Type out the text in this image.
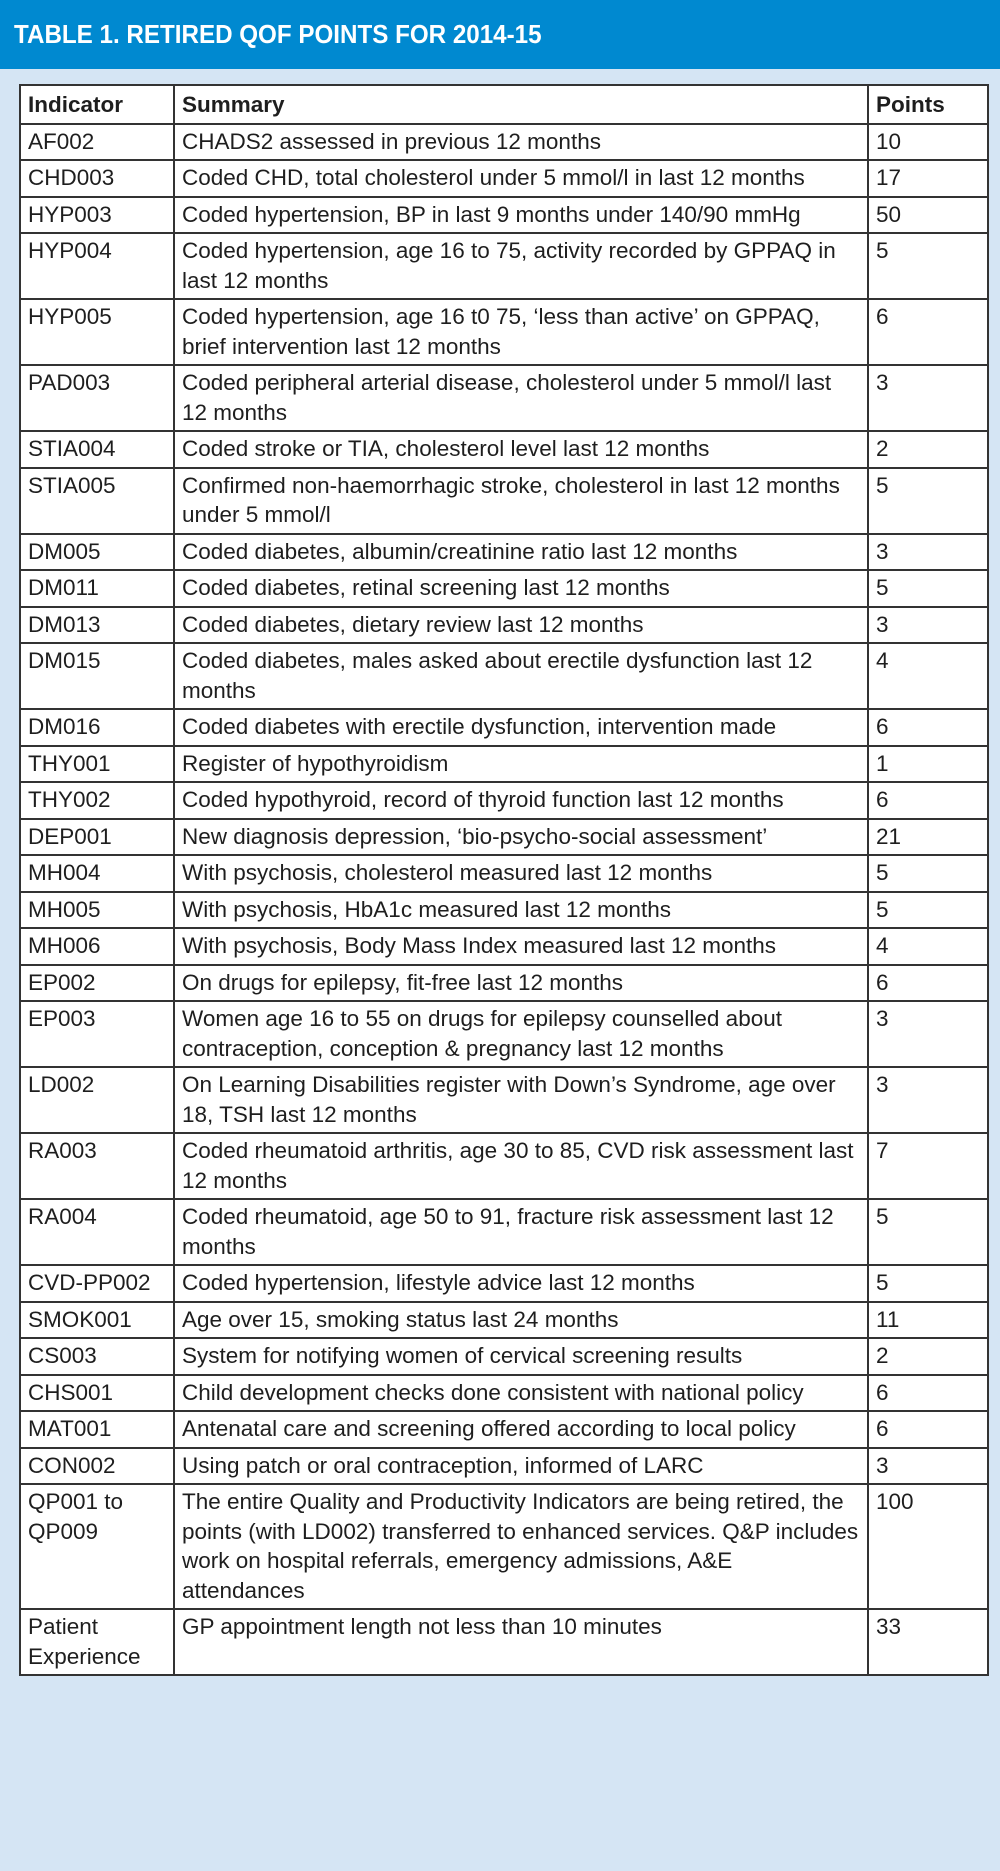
TABLE 1. RETIRED QOF POINTS FOR 2014-15
Indicator	Summary	Points
AF002	CHADS2 assessed in previous 12 months	10
CHD003	Coded CHD, total cholesterol under 5 mmol/l in last 12 months	17
HYP003	Coded hypertension, BP in last 9 months under 140/90 mmHg	50
HYP004	Coded hypertension, age 16 to 75, activity recorded by GPPAQ in last 12 months	5
HYP005	Coded hypertension, age 16 t0 75, ‘less than active’ on GPPAQ, brief intervention last 12 months	6
PAD003	Coded peripheral arterial disease, cholesterol under 5 mmol/l last 12 months	3
STIA004	Coded stroke or TIA, cholesterol level last 12 months	2
STIA005	Confirmed non-haemorrhagic stroke, cholesterol in last 12 months under 5 mmol/l	5
DM005	Coded diabetes, albumin/creatinine ratio last 12 months	3
DM011	Coded diabetes, retinal screening last 12 months	5
DM013	Coded diabetes, dietary review last 12 months	3
DM015	Coded diabetes, males asked about erectile dysfunction last 12 months	4
DM016	Coded diabetes with erectile dysfunction, intervention made	6
THY001	Register of hypothyroidism	1
THY002	Coded hypothyroid, record of thyroid function last 12 months	6
DEP001	New diagnosis depression, ‘bio-psycho-social assessment’	21
MH004	With psychosis, cholesterol measured last 12 months	5
MH005	With psychosis, HbA1c measured last 12 months	5
MH006	With psychosis, Body Mass Index measured last 12 months	4
EP002	On drugs for epilepsy, fit-free last 12 months	6
EP003	Women age 16 to 55 on drugs for epilepsy counselled about contraception, conception & pregnancy last 12 months	3
LD002	On Learning Disabilities register with Down’s Syndrome, age over 18, TSH last 12 months	3
RA003	Coded rheumatoid arthritis, age 30 to 85, CVD risk assessment last 12 months	7
RA004	Coded rheumatoid, age 50 to 91, fracture risk assessment last 12 months	5
CVD-PP002	Coded hypertension, lifestyle advice last 12 months	5
SMOK001	Age over 15, smoking status last 24 months	11
CS003	System for notifying women of cervical screening results	2
CHS001	Child development checks done consistent with national policy	6
MAT001	Antenatal care and screening offered according to local policy	6
CON002	Using patch or oral contraception, informed of LARC	3
QP001 to QP009	The entire Quality and Productivity Indicators are being retired, the points (with LD002) transferred to enhanced services. Q&P includes work on hospital referrals, emergency admissions, A&E attendances	100
Patient Experience	GP appointment length not less than 10 minutes	33
